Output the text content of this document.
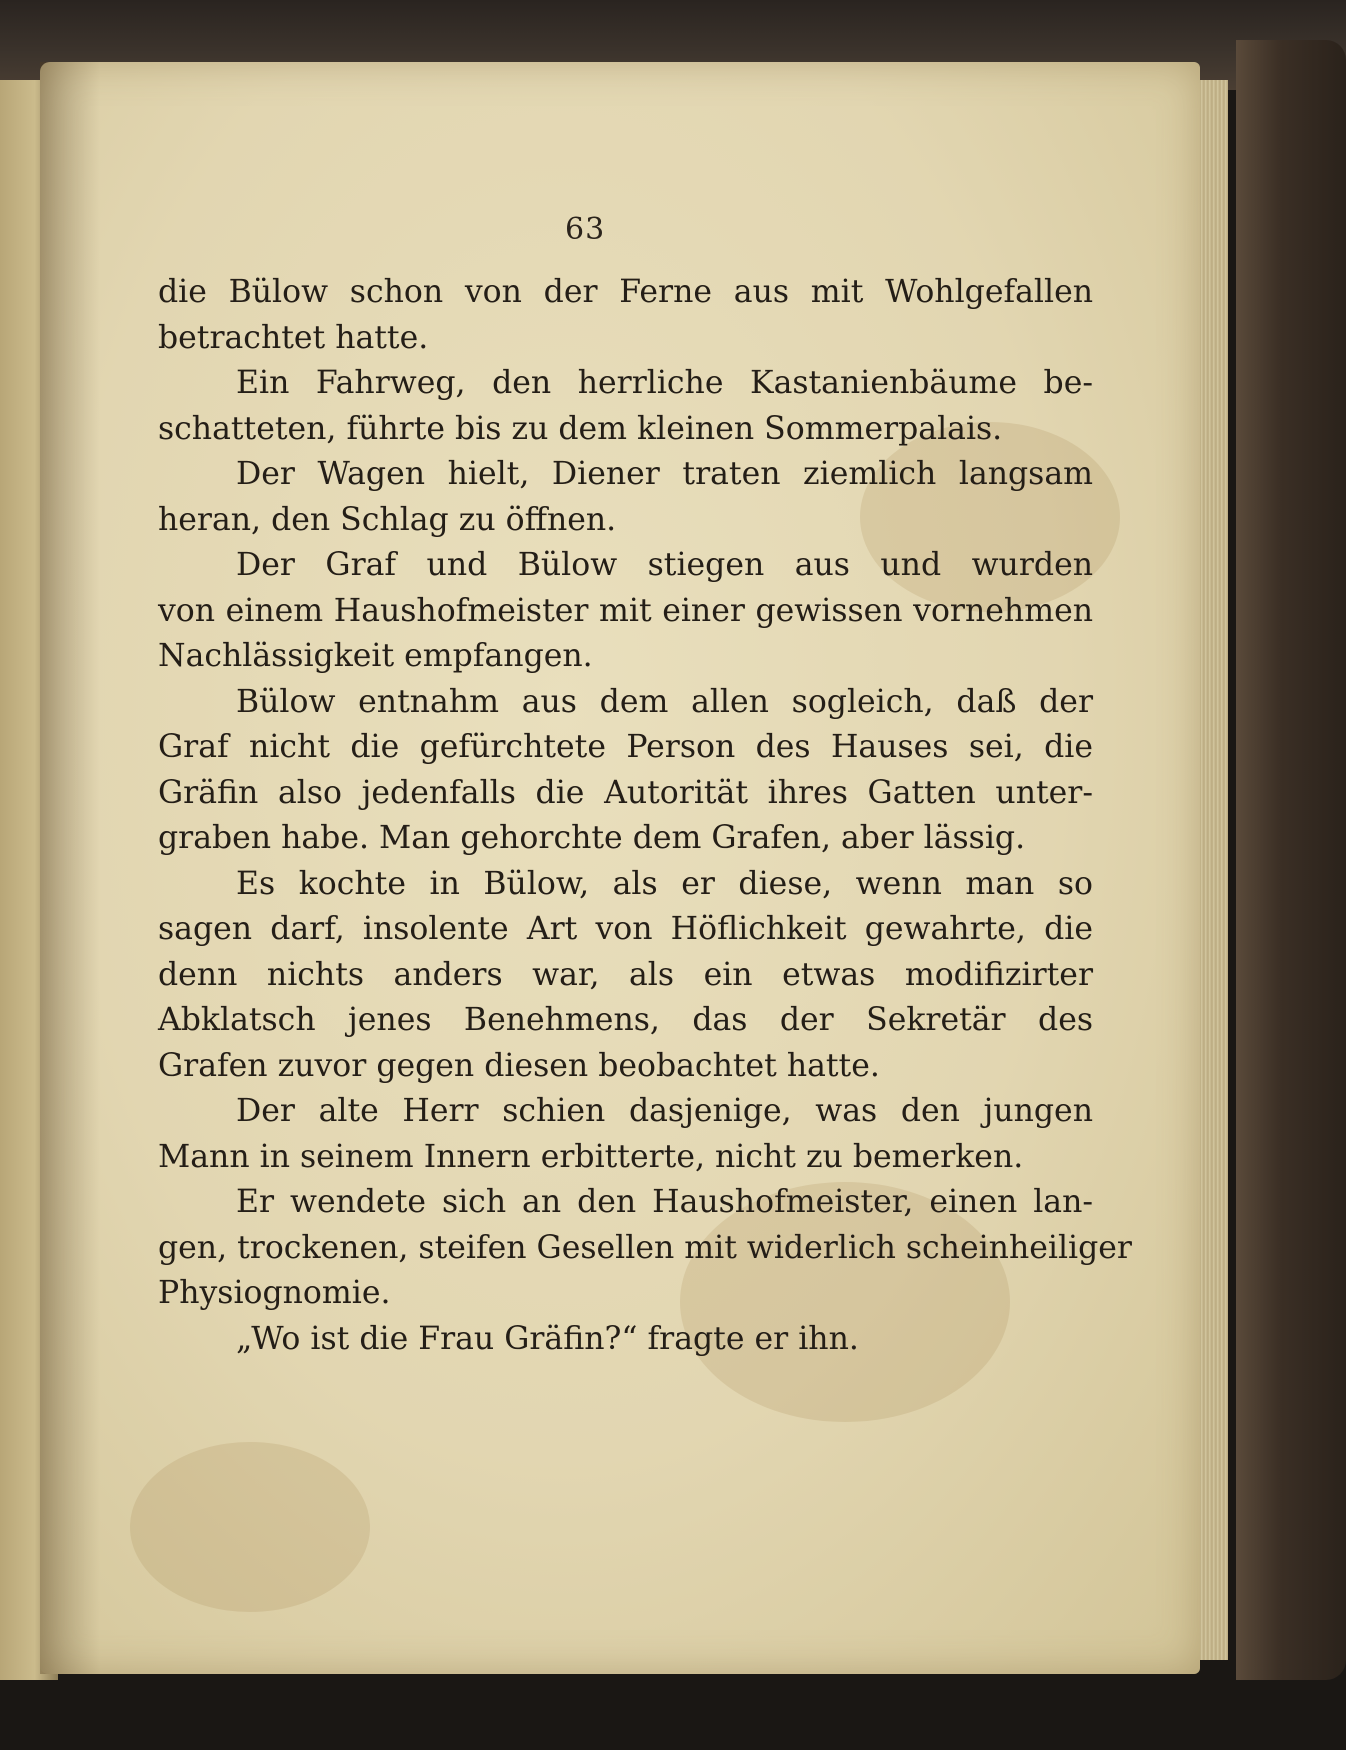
63
die Bülow schon von der Ferne aus mit Wohlgefallen
betrachtet hatte.
Ein Fahrweg, den herrliche Kastanienbäume be-
schatteten, führte bis zu dem kleinen Sommerpalais.
Der Wagen hielt, Diener traten ziemlich langsam
heran, den Schlag zu öffnen.
Der Graf und Bülow stiegen aus und wurden
von einem Haushofmeister mit einer gewissen vornehmen
Nachlässigkeit empfangen.
Bülow entnahm aus dem allen sogleich, daß der
Graf nicht die gefürchtete Person des Hauses sei, die
Gräfin also jedenfalls die Autorität ihres Gatten unter-
graben habe. Man gehorchte dem Grafen, aber lässig.
Es kochte in Bülow, als er diese, wenn man so
sagen darf, insolente Art von Höflichkeit gewahrte, die
denn nichts anders war, als ein etwas modifizirter
Abklatsch jenes Benehmens, das der Sekretär des
Grafen zuvor gegen diesen beobachtet hatte.
Der alte Herr schien dasjenige, was den jungen
Mann in seinem Innern erbitterte, nicht zu bemerken.
Er wendete sich an den Haushofmeister, einen lan-
gen, trockenen, steifen Gesellen mit widerlich scheinheiliger
Physiognomie.
„Wo ist die Frau Gräfin?“ fragte er ihn.
